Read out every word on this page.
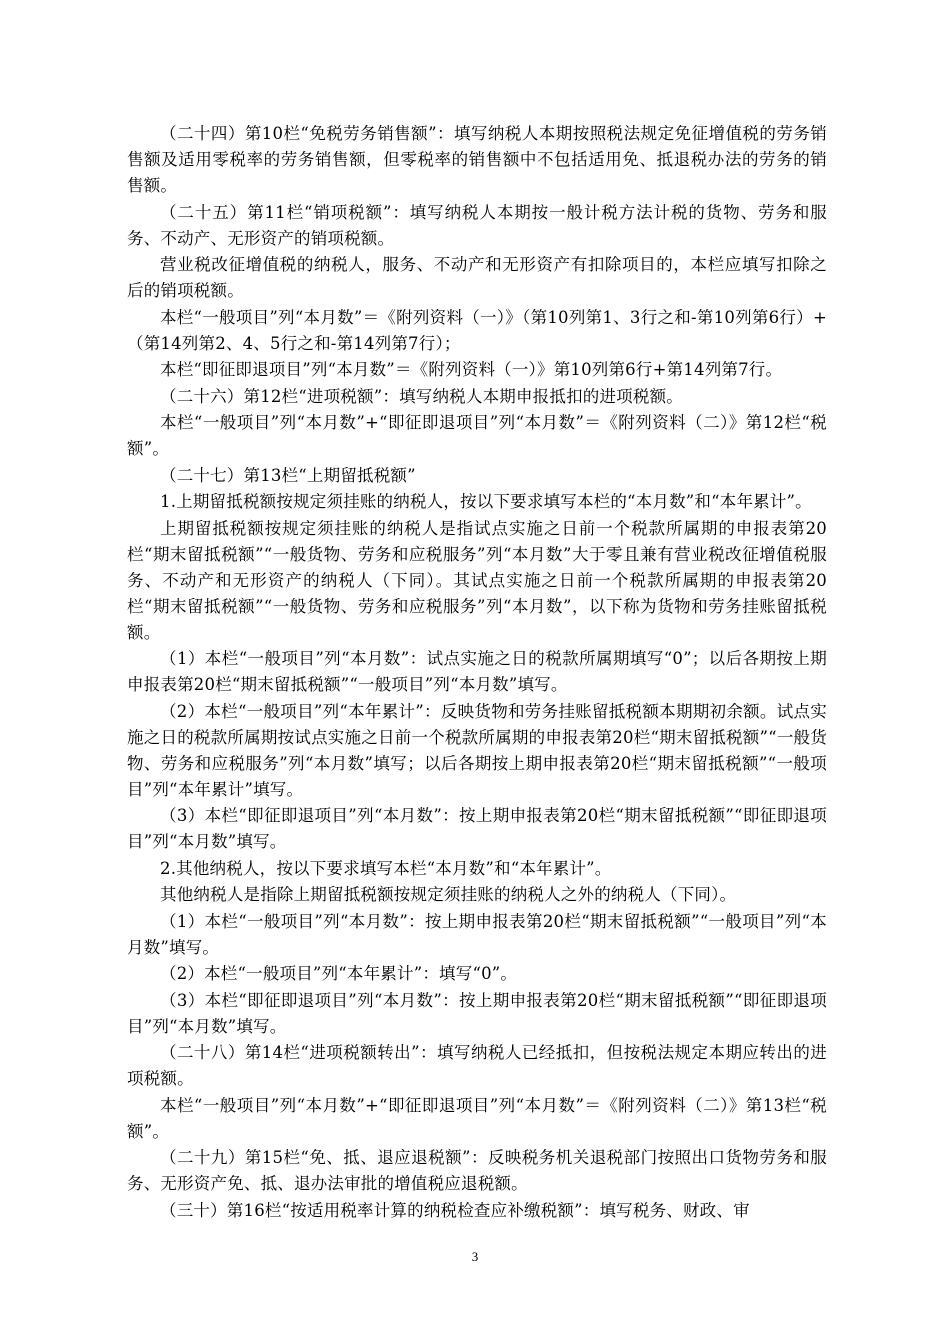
（二十四）第10栏“免税劳务销售额”：填写纳税人本期按照税法规定免征增值税的劳务销售额及适用零税率的劳务销售额，但零税率的销售额中不包括适用免、抵退税办法的劳务的销售额。

（二十五）第11栏“销项税额”：填写纳税人本期按一般计税方法计税的货物、劳务和服务、不动产、无形资产的销项税额。

营业税改征增值税的纳税人，服务、不动产和无形资产有扣除项目的，本栏应填写扣除之后的销项税额。

本栏“一般项目”列“本月数”＝《附列资料（一）》（第10列第1、3行之和-第10列第6行）+（第14列第2、4、5行之和-第14列第7行）；

本栏“即征即退项目”列“本月数”＝《附列资料（一）》第10列第6行+第14列第7行。

（二十六）第12栏“进项税额”：填写纳税人本期申报抵扣的进项税额。

本栏“一般项目”列“本月数”+“即征即退项目”列“本月数”＝《附列资料（二）》第12栏“税额”。

（二十七）第13栏“上期留抵税额”

1.上期留抵税额按规定须挂账的纳税人，按以下要求填写本栏的“本月数”和“本年累计”。

上期留抵税额按规定须挂账的纳税人是指试点实施之日前一个税款所属期的申报表第20栏“期末留抵税额”“一般货物、劳务和应税服务”列“本月数”大于零且兼有营业税改征增值税服务、不动产和无形资产的纳税人（下同）。其试点实施之日前一个税款所属期的申报表第20栏“期末留抵税额”“一般货物、劳务和应税服务”列“本月数”，以下称为货物和劳务挂账留抵税额。

（1）本栏“一般项目”列“本月数”：试点实施之日的税款所属期填写“0”；以后各期按上期申报表第20栏“期末留抵税额”“一般项目”列“本月数”填写。

（2）本栏“一般项目”列“本年累计”：反映货物和劳务挂账留抵税额本期期初余额。试点实施之日的税款所属期按试点实施之日前一个税款所属期的申报表第20栏“期末留抵税额”“一般货物、劳务和应税服务”列“本月数”填写；以后各期按上期申报表第20栏“期末留抵税额”“一般项目”列“本年累计”填写。

（3）本栏“即征即退项目”列“本月数”：按上期申报表第20栏“期末留抵税额”“即征即退项目”列“本月数”填写。

2.其他纳税人，按以下要求填写本栏“本月数”和“本年累计”。

其他纳税人是指除上期留抵税额按规定须挂账的纳税人之外的纳税人（下同）。

（1）本栏“一般项目”列“本月数”：按上期申报表第20栏“期末留抵税额”“一般项目”列“本月数”填写。

（2）本栏“一般项目”列“本年累计”：填写“0”。

（3）本栏“即征即退项目”列“本月数”：按上期申报表第20栏“期末留抵税额”“即征即退项目”列“本月数”填写。

（二十八）第14栏“进项税额转出”：填写纳税人已经抵扣，但按税法规定本期应转出的进项税额。

本栏“一般项目”列“本月数”+“即征即退项目”列“本月数”＝《附列资料（二）》第13栏“税额”。

（二十九）第15栏“免、抵、退应退税额”：反映税务机关退税部门按照出口货物劳务和服务、无形资产免、抵、退办法审批的增值税应退税额。

（三十）第16栏“按适用税率计算的纳税检查应补缴税额”：填写税务、财政、审

3
